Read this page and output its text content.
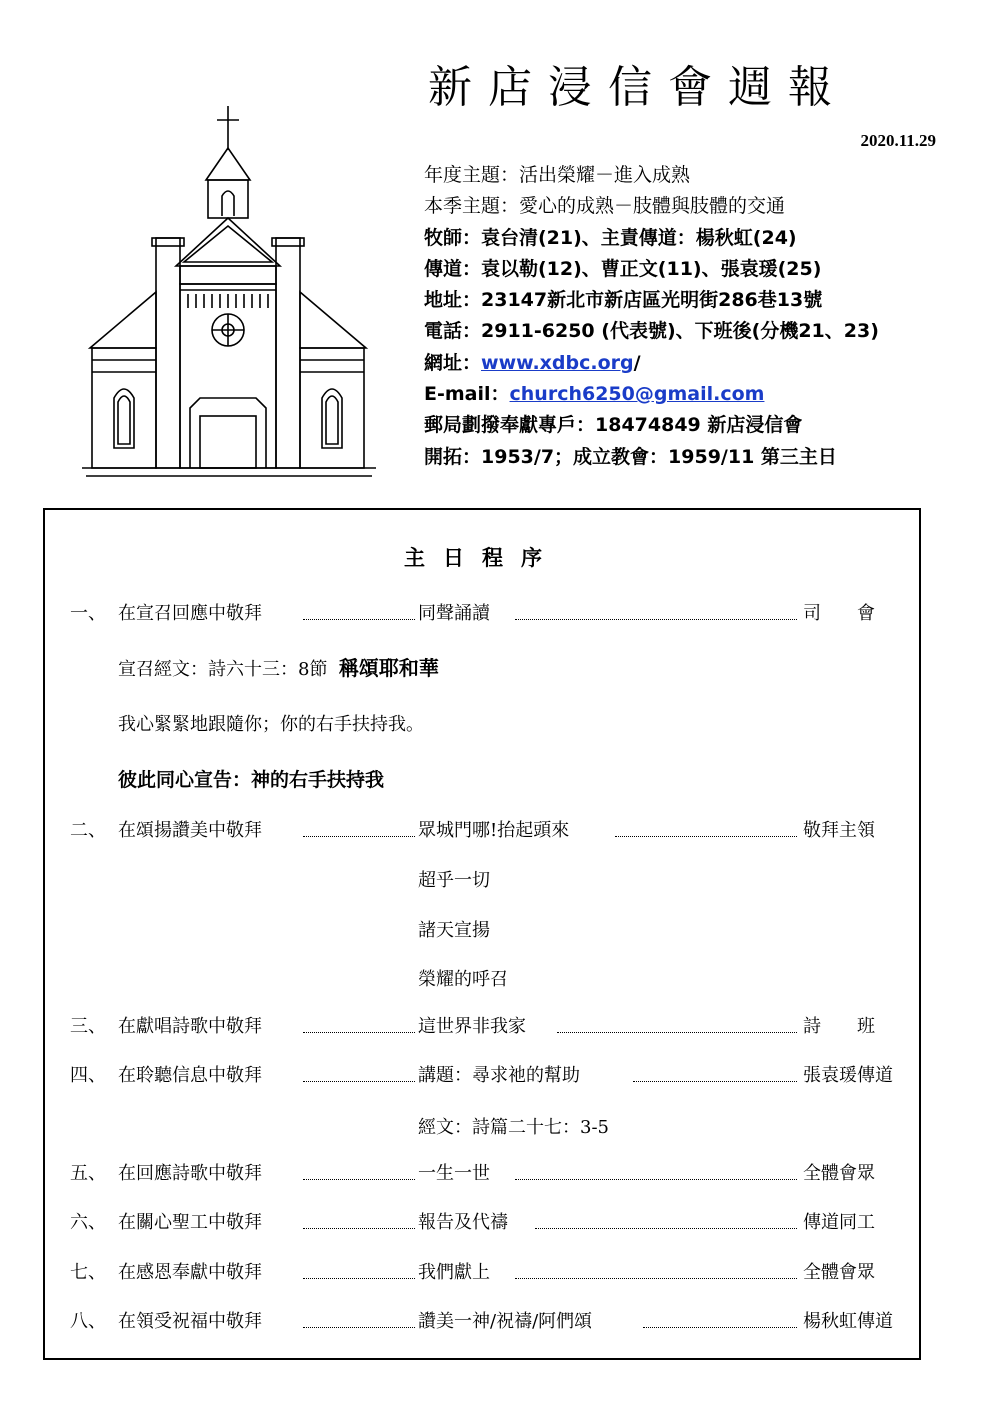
新店浸信會週報
2020.11.29
年度主題：活出榮耀－進入成熟
本季主題：愛心的成熟－肢體與肢體的交通
牧師：袁台清(21)、主責傳道：楊秋虹(24)
傳道：袁以勒(12)、曹正文(11)、張袁瑗(25)
地址：23147新北市新店區光明街286巷13號
電話：2911-6250 (代表號)、下班後(分機21、23)
網址：www.xdbc.org/
E-mail：church6250@gmail.com
郵局劃撥奉獻專戶：18474849 新店浸信會
開拓：1953/7；成立教會：1959/11 第三主日
主日程序
一、 在宣召回應中敬拜	同聲誦讀	司　　會
宣召經文：詩六十三：8節 稱頌耶和華
我心緊緊地跟隨你；你的右手扶持我。
彼此同心宣告：神的右手扶持我
二、 在頌揚讚美中敬拜	眾城門哪!抬起頭來	敬拜主領
超乎一切
諸天宣揚
榮耀的呼召
三、 在獻唱詩歌中敬拜	這世界非我家	詩　　班
四、 在聆聽信息中敬拜	講題：尋求祂的幫助	張袁瑗傳道
經文：詩篇二十七：3-5
五、 在回應詩歌中敬拜	一生一世	全體會眾
六、 在關心聖工中敬拜	報告及代禱	傳道同工
七、 在感恩奉獻中敬拜	我們獻上	全體會眾
八、 在領受祝福中敬拜	讚美一神/祝禱/阿們頌	楊秋虹傳道
